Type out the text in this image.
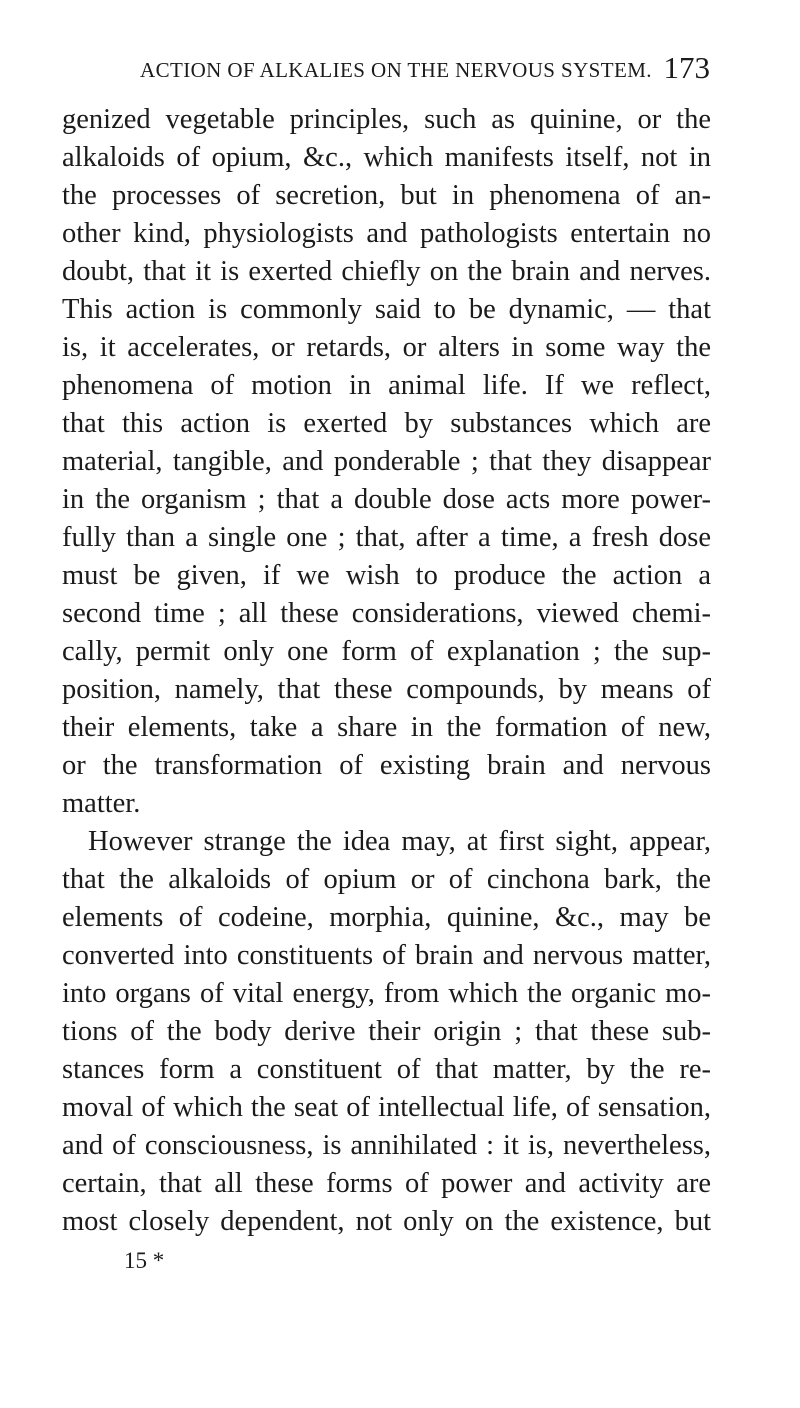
ACTION OF ALKALIES ON THE NERVOUS SYSTEM. 173
genized vegetable principles, such as quinine, or the
alkaloids of opium, &c., which manifests itself, not in
the processes of secretion, but in phenomena of an-
other kind, physiologists and pathologists entertain no
doubt, that it is exerted chiefly on the brain and nerves.
This action is commonly said to be dynamic, — that
is, it accelerates, or retards, or alters in some way the
phenomena of motion in animal life. If we reflect,
that this action is exerted by substances which are
material, tangible, and ponderable ; that they disappear
in the organism ; that a double dose acts more power-
fully than a single one ; that, after a time, a fresh dose
must be given, if we wish to produce the action a
second time ; all these considerations, viewed chemi-
cally, permit only one form of explanation ; the sup-
position, namely, that these compounds, by means of
their elements, take a share in the formation of new,
or the transformation of existing brain and nervous
matter.
However strange the idea may, at first sight, appear,
that the alkaloids of opium or of cinchona bark, the
elements of codeine, morphia, quinine, &c., may be
converted into constituents of brain and nervous matter,
into organs of vital energy, from which the organic mo-
tions of the body derive their origin ; that these sub-
stances form a constituent of that matter, by the re-
moval of which the seat of intellectual life, of sensation,
and of consciousness, is annihilated : it is, nevertheless,
certain, that all these forms of power and activity are
most closely dependent, not only on the existence, but
15 *
